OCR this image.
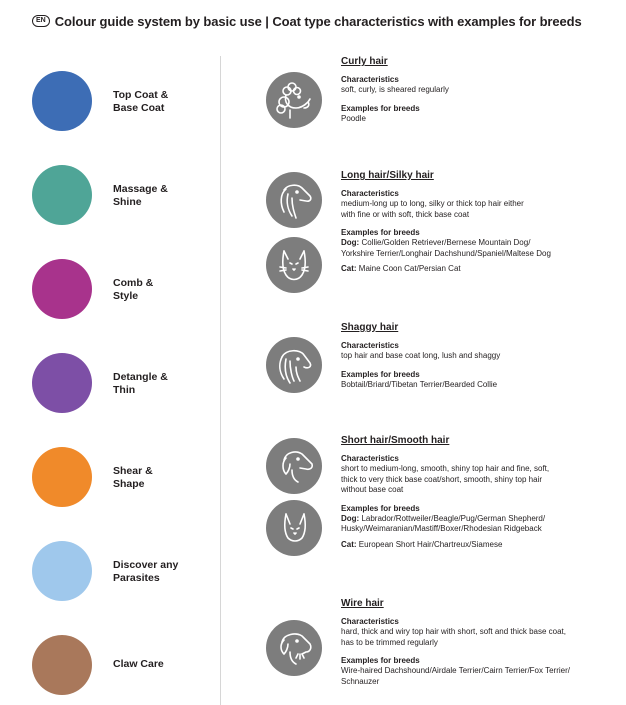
EN Colour guide system by basic use | Coat type characteristics with examples for breeds
Top Coat &
Base Coat
Massage &
Shine
Comb &
Style
Detangle &
Thin
Shear &
Shape
Discover any
Parasites
Claw Care
Curly hair
Characteristics
soft, curly, is sheared regularly
Examples for breeds
Poodle
Long hair/Silky hair
Characteristics
medium-long up to long, silky or thick top hair either
with fine or with soft, thick base coat
Examples for breeds
Dog: Collie/Golden Retriever/Bernese Mountain Dog/
Yorkshire Terrier/Longhair Dachshund/Spaniel/Maltese Dog
Cat: Maine Coon Cat/Persian Cat
Shaggy hair
Characteristics
top hair and base coat long, lush and shaggy
Examples for breeds
Bobtail/Briard/Tibetan Terrier/Bearded Collie
Short hair/Smooth hair
Characteristics
short to medium-long, smooth, shiny top hair and fine, soft,
thick to very thick base coat/short, smooth, shiny top hair
without base coat
Examples for breeds
Dog: Labrador/Rottweiler/Beagle/Pug/German Shepherd/
Husky/Weimaranian/Mastiff/Boxer/Rhodesian Ridgeback
Cat: European Short Hair/Chartreux/Siamese
Wire hair
Characteristics
hard, thick and wiry top hair with short, soft and thick base coat,
has to be trimmed regularly
Examples for breeds
Wire-haired Dachshound/Airdale Terrier/Cairn Terrier/Fox Terrier/
Schnauzer
